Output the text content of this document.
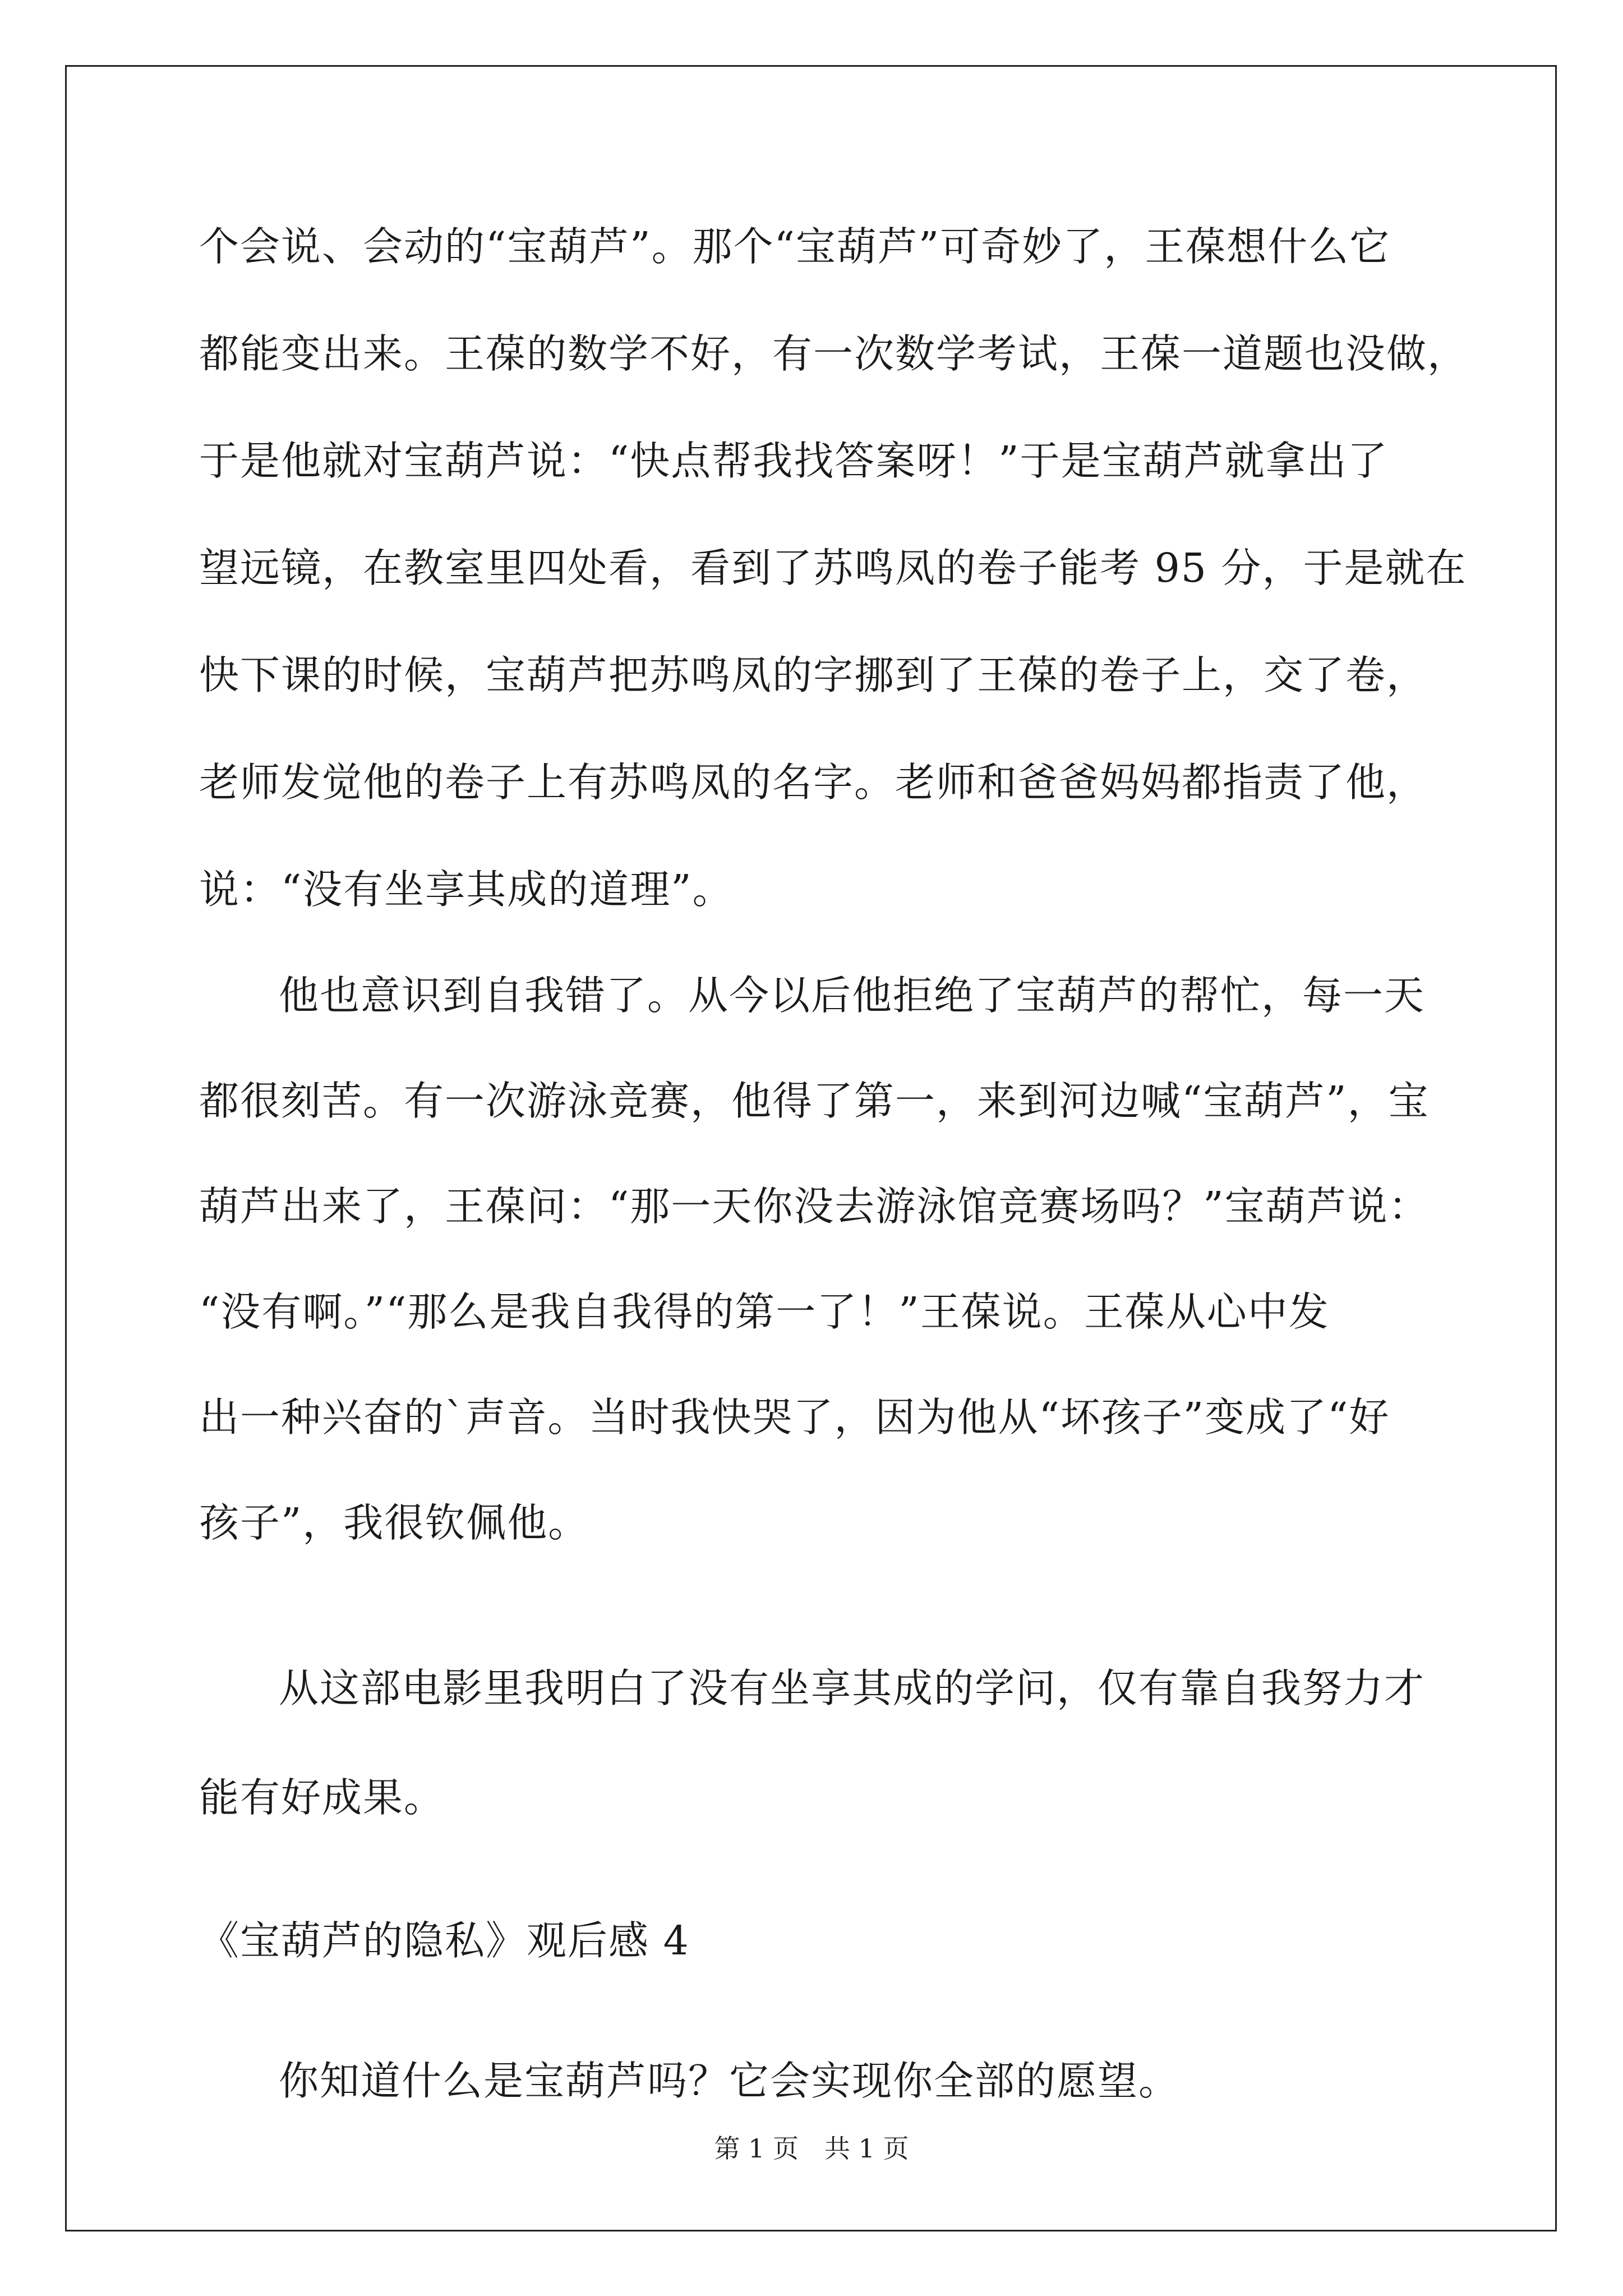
个会说、会动的“宝葫芦”。那个“宝葫芦”可奇妙了，王葆想什么它
都能变出来。王葆的数学不好，有一次数学考试，王葆一道题也没做，
于是他就对宝葫芦说：“快点帮我找答案呀！”于是宝葫芦就拿出了
望远镜，在教室里四处看，看到了苏鸣凤的卷子能考 95 分，于是就在
快下课的时候，宝葫芦把苏鸣凤的字挪到了王葆的卷子上，交了卷，
老师发觉他的卷子上有苏鸣凤的名字。老师和爸爸妈妈都指责了他，
说：“没有坐享其成的道理”。
他也意识到自我错了。从今以后他拒绝了宝葫芦的帮忙，每一天
都很刻苦。有一次游泳竞赛，他得了第一，来到河边喊“宝葫芦”，宝
葫芦出来了，王葆问：“那一天你没去游泳馆竞赛场吗？”宝葫芦说：
“没有啊。”“那么是我自我得的第一了！”王葆说。王葆从心中发
出一种兴奋的`声音。当时我快哭了，因为他从“坏孩子”变成了“好
孩子”，我很钦佩他。
从这部电影里我明白了没有坐享其成的学问，仅有靠自我努力才
能有好成果。
《宝葫芦的隐私》观后感 4
你知道什么是宝葫芦吗？它会实现你全部的愿望。
第 1 页　共 1 页
